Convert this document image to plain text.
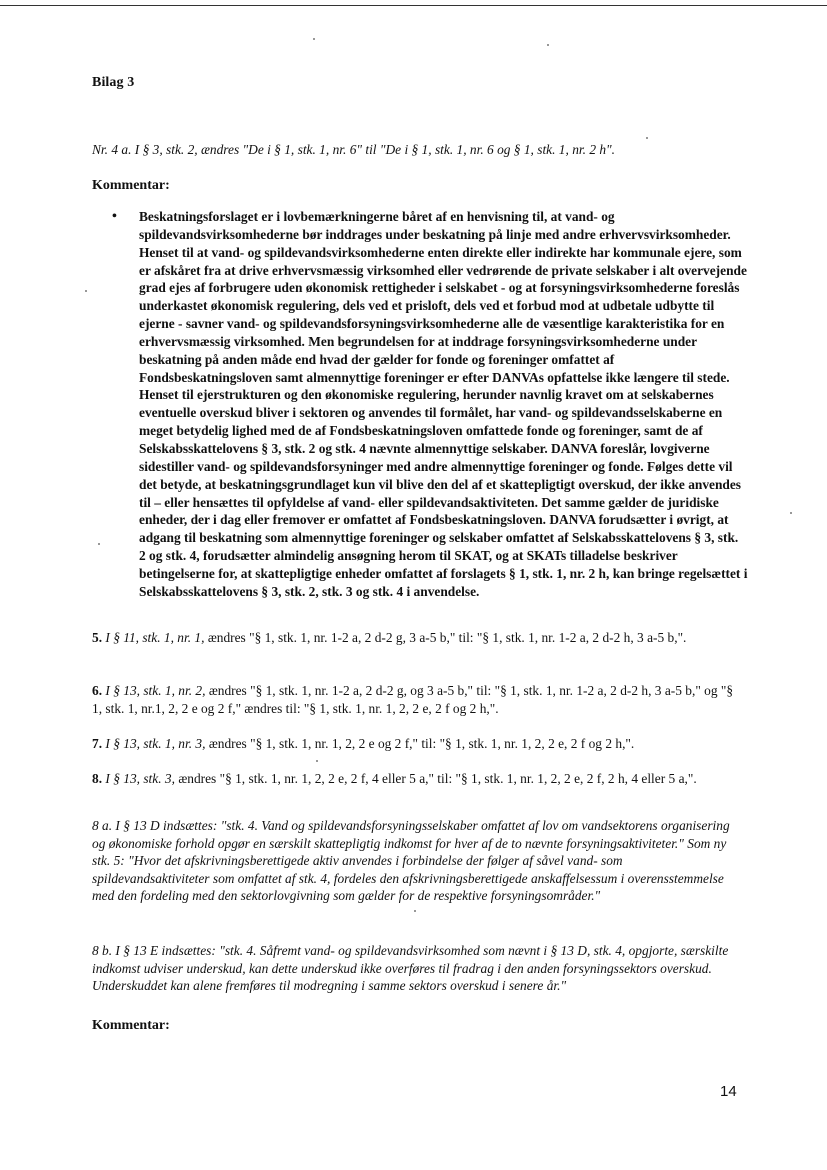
Bilag 3
Nr. 4 a. I § 3, stk. 2, ændres "De i § 1, stk. 1, nr. 6" til "De i § 1, stk. 1, nr. 6 og § 1, stk. 1, nr. 2 h".
Kommentar:
• Beskatningsforslaget er i lovbemærkningerne båret af en henvisning til, at vand- og spildevandsvirksomhederne bør inddrages under beskatning på linje med andre erhvervsvirksomheder. Henset til at vand- og spildevandsvirksomhederne enten direkte eller indirekte har kommunale ejere, som er afskåret fra at drive erhvervsmæssig virksomhed eller vedrørende de private selskaber i alt overvejende grad ejes af forbrugere uden økonomisk rettigheder i selskabet - og at forsyningsvirksomhederne foreslås underkastet økonomisk regulering, dels ved et prisloft, dels ved et forbud mod at udbetale udbytte til ejerne - savner vand- og spildevandsforsyningsvirksomhederne alle de væsentlige karakteristika for en erhvervsmæssig virksomhed. Men begrundelsen for at inddrage forsyningsvirksomhederne under beskatning på anden måde end hvad der gælder for fonde og foreninger omfattet af Fondsbeskatningsloven samt almennyttige foreninger er efter DANVAs opfattelse ikke længere til stede. Henset til ejerstrukturen og den økonomiske regulering, herunder navnlig kravet om at selskabernes eventuelle overskud bliver i sektoren og anvendes til formålet, har vand- og spildevandsselskaberne en meget betydelig lighed med de af Fondsbeskatningsloven omfattede fonde og foreninger, samt de af Selskabsskattelovens § 3, stk. 2 og stk. 4 nævnte almennyttige selskaber. DANVA foreslår, lovgiverne sidestiller vand- og spildevandsforsyninger med andre almennyttige foreninger og fonde. Følges dette vil det betyde, at beskatningsgrundlaget kun vil blive den del af et skattepligtigt overskud, der ikke anvendes til – eller hensættes til opfyldelse af vand- eller spildevandsaktiviteten. Det samme gælder de juridiske enheder, der i dag eller fremover er omfattet af Fondsbeskatningsloven. DANVA forudsætter i øvrigt, at adgang til beskatning som almennyttige foreninger og selskaber omfattet af Selskabsskattelovens § 3, stk. 2 og stk. 4, forudsætter almindelig ansøgning herom til SKAT, og at SKATs tilladelse beskriver betingelserne for, at skattepligtige enheder omfattet af forslagets § 1, stk. 1, nr. 2 h, kan bringe regelsættet i Selskabsskattelovens § 3, stk. 2, stk. 3 og stk. 4 i anvendelse.
5. I § 11, stk. 1, nr. 1, ændres "§ 1, stk. 1, nr. 1-2 a, 2 d-2 g, 3 a-5 b," til: "§ 1, stk. 1, nr. 1-2 a, 2 d-2 h, 3 a-5 b,".
6. I § 13, stk. 1, nr. 2, ændres "§ 1, stk. 1, nr. 1-2 a, 2 d-2 g, og 3 a-5 b," til: "§ 1, stk. 1, nr. 1-2 a, 2 d-2 h, 3 a-5 b," og "§ 1, stk. 1, nr.1, 2, 2 e og 2 f," ændres til: "§ 1, stk. 1, nr. 1, 2, 2 e, 2 f og 2 h,".
7. I § 13, stk. 1, nr. 3, ændres "§ 1, stk. 1, nr. 1, 2, 2 e og 2 f," til: "§ 1, stk. 1, nr. 1, 2, 2 e, 2 f og 2 h,".
8. I § 13, stk. 3, ændres "§ 1, stk. 1, nr. 1, 2, 2 e, 2 f, 4 eller 5 a," til: "§ 1, stk. 1, nr. 1, 2, 2 e, 2 f, 2 h, 4 eller 5 a,".
8 a. I § 13 D indsættes: "stk. 4. Vand og spildevandsforsyningsselskaber omfattet af lov om vandsektorens organisering og økonomiske forhold opgør en særskilt skattepligtig indkomst for hver af de to nævnte forsyningsaktiviteter." Som ny stk. 5: "Hvor det afskrivningsberettigede aktiv anvendes i forbindelse der følger af såvel vand- som spildevandsaktiviteter som omfattet af stk. 4, fordeles den afskrivningsberettigede anskaffelsessum i overensstemmelse med den fordeling med den sektorlovgivning som gælder for de respektive forsyningsområder."
8 b. I § 13 E indsættes: "stk. 4. Såfremt vand- og spildevandsvirksomhed som nævnt i § 13 D, stk. 4, opgjorte, særskilte indkomst udviser underskud, kan dette underskud ikke overføres til fradrag i den anden forsyningssektors overskud. Underskuddet kan alene fremføres til modregning i samme sektors overskud i senere år."
Kommentar:
14
